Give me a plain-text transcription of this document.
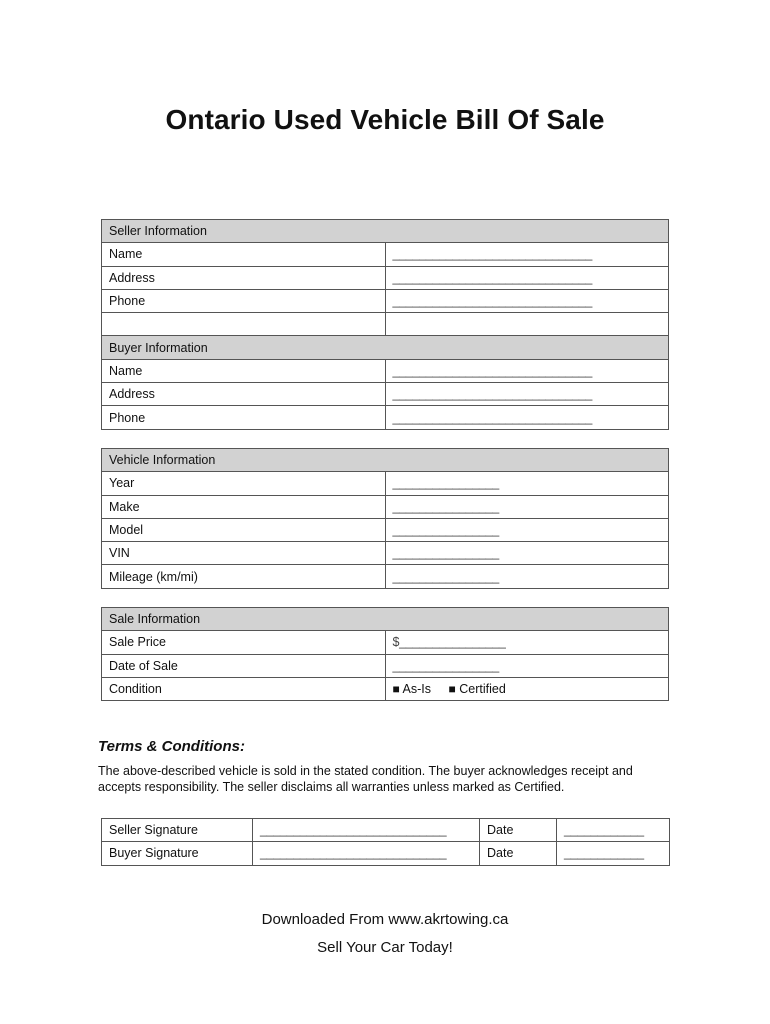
Ontario Used Vehicle Bill Of Sale
Seller Information	
Name	______________________________
Address	______________________________
Phone	______________________________

Buyer Information	
Name	______________________________
Address	______________________________
Phone	______________________________
Vehicle Information	
Year	________________
Make	________________
Model	________________
VIN	________________
Mileage (km/mi)	________________
Sale Information	
Sale Price	$________________
Date of Sale	________________
Condition	■ As-Is ■ Certified
Terms & Conditions:
The above-described vehicle is sold in the stated condition. The buyer acknowledges receipt and accepts responsibility. The seller disclaims all warranties unless marked as Certified.
Seller Signature	____________________________	Date	____________
Buyer Signature	____________________________	Date	____________
Downloaded From www.akrtowing.ca
Sell Your Car Today!
